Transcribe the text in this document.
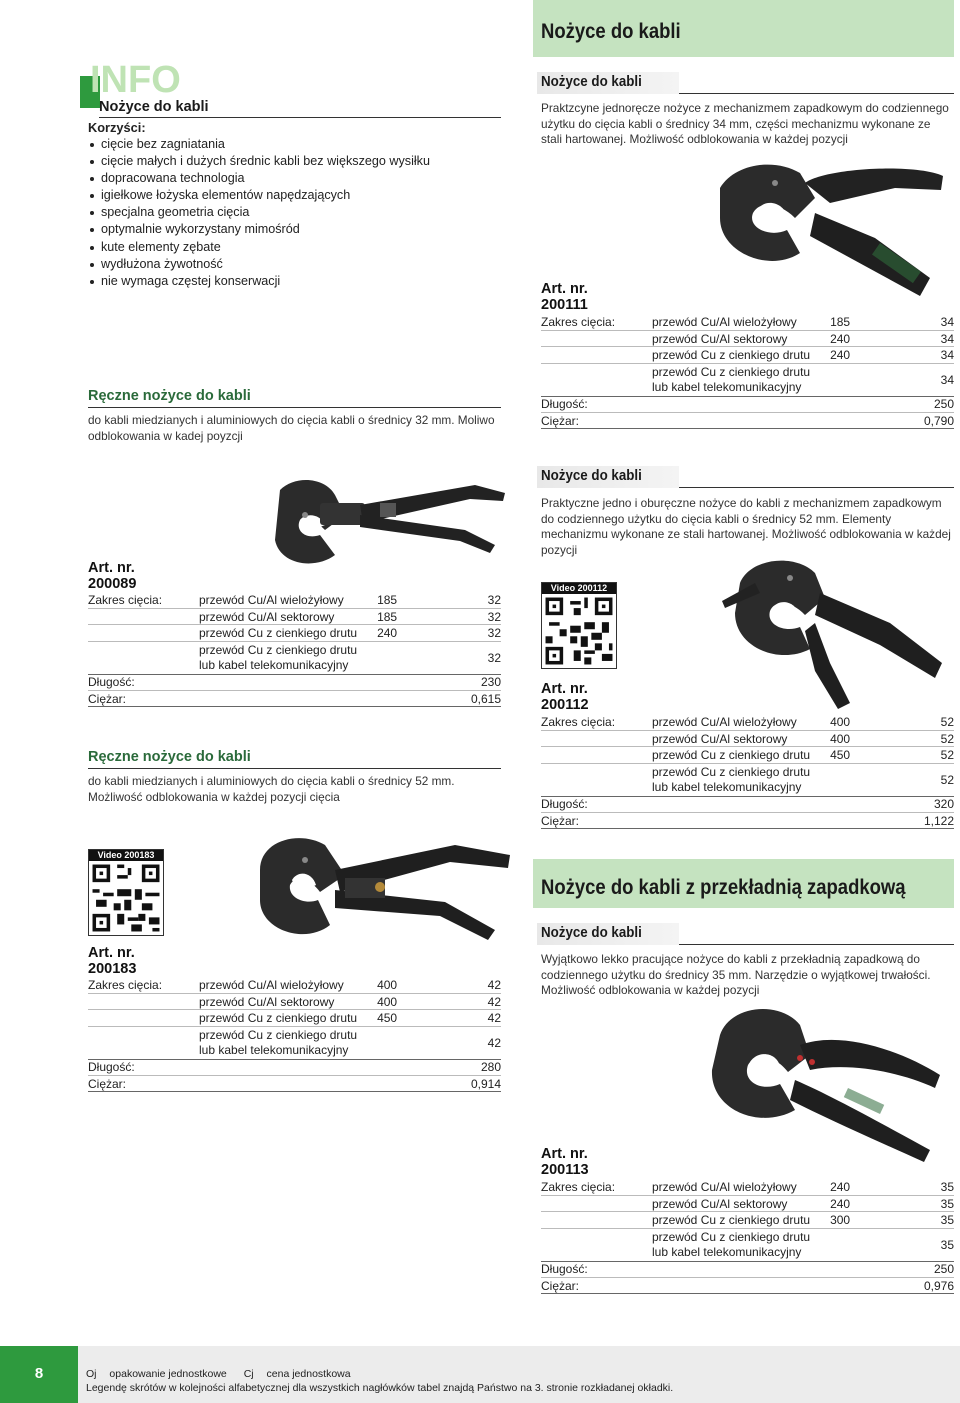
Nożyce do kabli
INFO
Nożyce do kabli
Korzyści:
cięcie bez zagniatania
cięcie małych i dużych średnic kabli bez większego wysiłku
dopracowana technologia
igiełkowe łożyska elementów napędzających
specjalna geometria cięcia
optymalnie wykorzystany mimośród
kute elementy zębate
wydłużona żywotność
nie wymaga częstej konserwacji
Ręczne nożyce do kabli
do kabli miedzianych i aluminiowych do cięcia kabli o średnicy 32 mm. Moliwo odblokowania w kadej poyzcji
Art. nr.
200089
Zakres cięcia:	przewód Cu/Al wielożyłowy	185	32
	przewód Cu/Al sektorowy	185	32
	przewód Cu z cienkiego drutu	240	32

	przewód Cu z cienkiego drutu
lub kabel telekomunikacyjny		32
Długość:			230
Ciężar:			0,615
Ręczne nożyce do kabli
do kabli miedzianych i aluminiowych do cięcia kabli o średnicy 52 mm. Możliwość odblokowania w każdej pozycji cięcia
Video 200183
Art. nr.
200183
Zakres cięcia:	przewód Cu/Al wielożyłowy	400	42
	przewód Cu/Al sektorowy	400	42
	przewód Cu z cienkiego drutu	450	42

	przewód Cu z cienkiego drutu
lub kabel telekomunikacyjny		42
Długość:			280
Ciężar:			0,914
Nożyce do kabli
Praktzcyne jednoręcze nożyce z mechanizmem zapadkowym do codziennego użytku do cięcia kabli o średnicy 34 mm, części mechanizmu wykonane ze stali hartowanej. Możliwość odblokowania w każdej pozycji
Art. nr.
200111
Zakres cięcia:	przewód Cu/Al wielożyłowy	185	34
	przewód Cu/Al sektorowy	240	34
	przewód Cu z cienkiego drutu	240	34

	przewód Cu z cienkiego drutu
lub kabel telekomunikacyjny		34
Długość:			250
Ciężar:			0,790
Nożyce do kabli
Praktyczne jedno i oburęczne nożyce do kabli z mechanizmem zapadkowym do codziennego użytku do cięcia kabli o średnicy 52 mm. Elementy mechanizmu wykonane ze stali hartowanej. Możliwość odblokowania w każdej pozycji
Video 200112
Art. nr.
200112
Zakres cięcia:	przewód Cu/Al wielożyłowy	400	52
	przewód Cu/Al sektorowy	400	52
	przewód Cu z cienkiego drutu	450	52

	przewód Cu z cienkiego drutu
lub kabel telekomunikacyjny		52
Długość:			320
Ciężar:			1,122
Nożyce do kabli z przekładnią zapadkową
Nożyce do kabli
Wyjątkowo lekko pracujące nożyce do kabli z przekładnią zapadkową do codziennego użytku do średnicy 35 mm. Narzędzie o wyjątkowej trwałości. Możliwość odblokowania w każdej pozycji
Art. nr.
200113
Zakres cięcia:	przewód Cu/Al wielożyłowy	240	35
	przewód Cu/Al sektorowy	240	35
	przewód Cu z cienkiego drutu	300	35

	przewód Cu z cienkiego drutu
lub kabel telekomunikacyjny		35
Długość:			250
Ciężar:			0,976
8	Oj opakowanie jednostkowe Cj cena jednostkowa
Legendę skrótów w kolejności alfabetycznej dla wszystkich nagłówków tabel znajdą Państwo na 3. stronie rozkładanej okładki.
